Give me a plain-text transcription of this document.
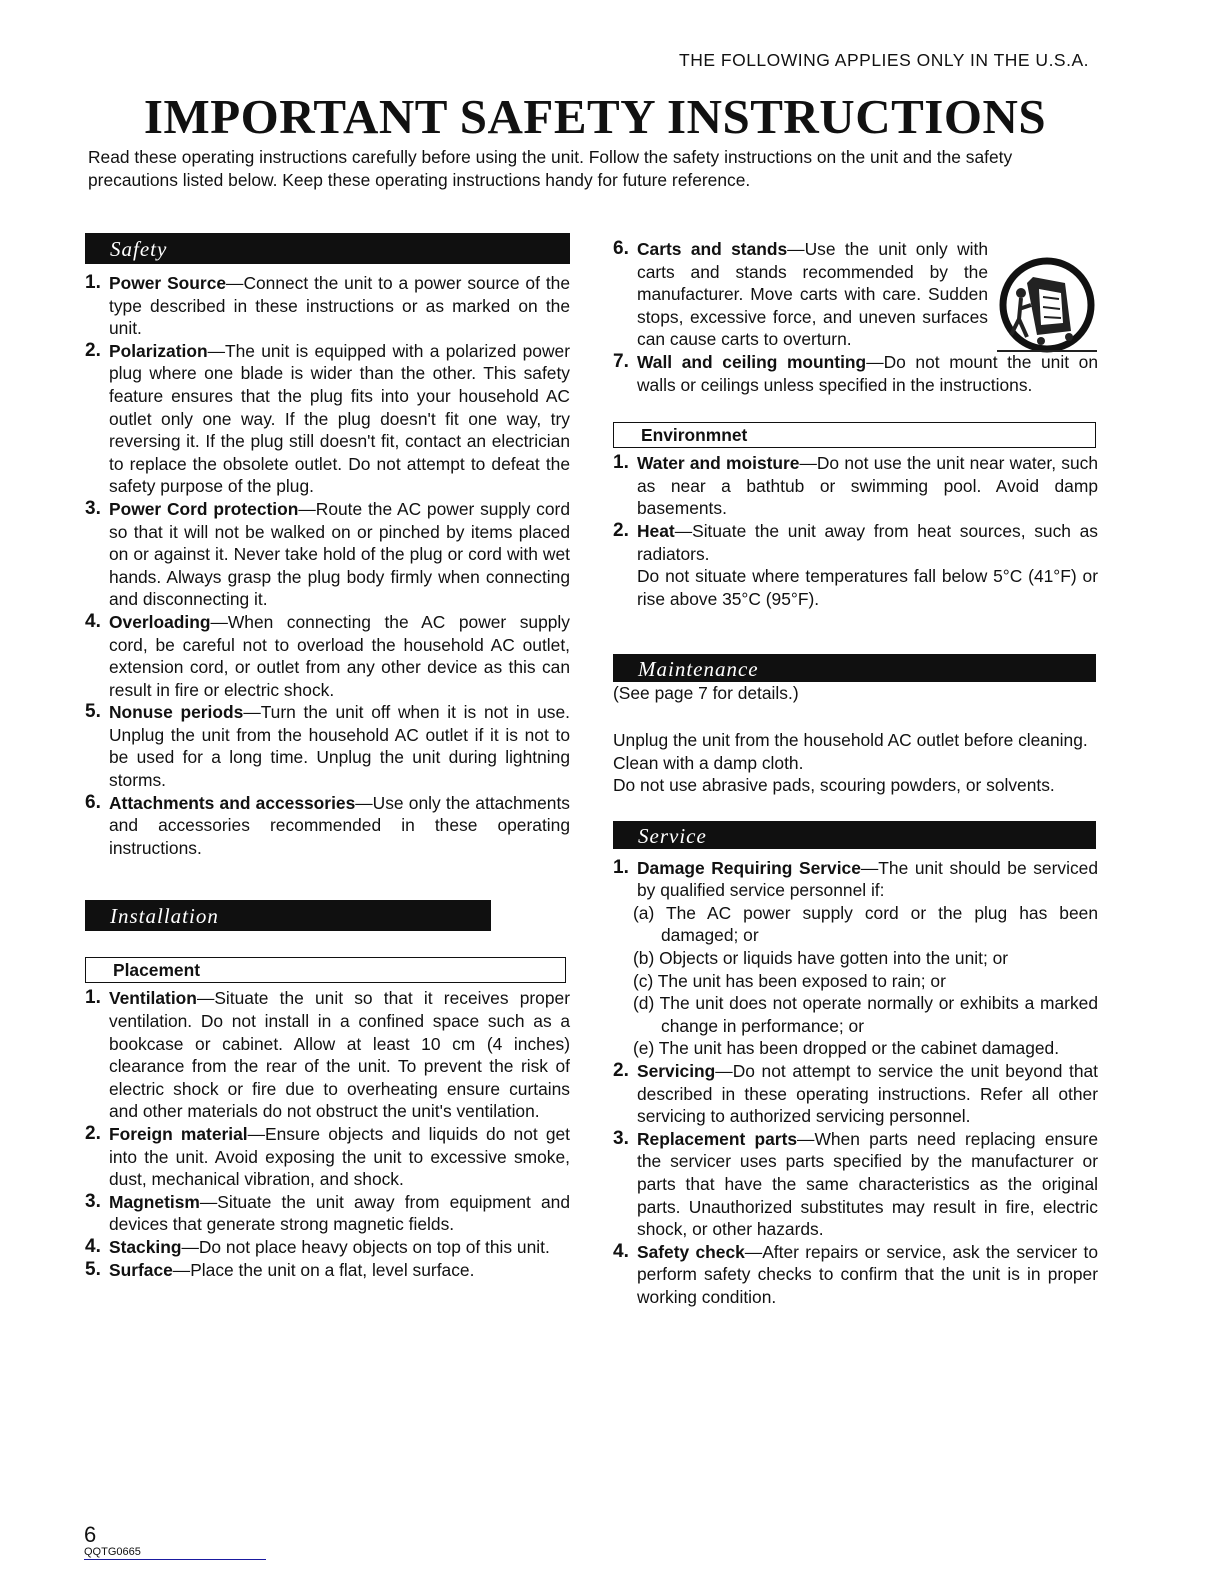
THE FOLLOWING APPLIES ONLY IN THE U.S.A.
IMPORTANT SAFETY INSTRUCTIONS
Read these operating instructions carefully before using the unit. Follow the safety instructions on the unit and the safety precautions listed below. Keep these operating instructions handy for future reference.
Safety
1. Power Source—Connect the unit to a power source of the type described in these instructions or as marked on the unit.
2. Polarization—The unit is equipped with a polarized power plug where one blade is wider than the other. This safety feature ensures that the plug fits into your household AC outlet only one way. If the plug doesn't fit one way, try reversing it. If the plug still doesn't fit, contact an electrician to replace the obsolete outlet. Do not attempt to defeat the safety purpose of the plug.
3. Power Cord protection—Route the AC power supply cord so that it will not be walked on or pinched by items placed on or against it. Never take hold of the plug or cord with wet hands. Always grasp the plug body firmly when connecting and disconnecting it.
4. Overloading—When connecting the AC power supply cord, be careful not to overload the household AC outlet, extension cord, or outlet from any other device as this can result in fire or electric shock.
5. Nonuse periods—Turn the unit off when it is not in use. Unplug the unit from the household AC outlet if it is not to be used for a long time. Unplug the unit during lightning storms.
6. Attachments and accessories—Use only the attachments and accessories recommended in these operating instructions.
Installation
Placement
1. Ventilation—Situate the unit so that it receives proper ventilation. Do not install in a confined space such as a bookcase or cabinet. Allow at least 10 cm (4 inches) clearance from the rear of the unit. To prevent the risk of electric shock or fire due to overheating ensure curtains and other materials do not obstruct the unit's ventilation.
2. Foreign material—Ensure objects and liquids do not get into the unit. Avoid exposing the unit to excessive smoke, dust, mechanical vibration, and shock.
3. Magnetism—Situate the unit away from equipment and devices that generate strong magnetic fields.
4. Stacking—Do not place heavy objects on top of this unit.
5. Surface—Place the unit on a flat, level surface.
6. Carts and stands—Use the unit only with carts and stands recommended by the manufacturer. Move carts with care. Sudden stops, excessive force, and uneven surfaces can cause carts to overturn.
7. Wall and ceiling mounting—Do not mount the unit on walls or ceilings unless specified in the instructions.
Environmnet
1. Water and moisture—Do not use the unit near water, such as near a bathtub or swimming pool. Avoid damp basements.
2. Heat—Situate the unit away from heat sources, such as radiators.
Do not situate where temperatures fall below 5°C (41°F) or rise above 35°C (95°F).
Maintenance
(See page 7 for details.)
Unplug the unit from the household AC outlet before cleaning.
Clean with a damp cloth.
Do not use abrasive pads, scouring powders, or solvents.
Service
1. Damage Requiring Service—The unit should be serviced by qualified service personnel if:
(a) The AC power supply cord or the plug has been damaged; or
(b) Objects or liquids have gotten into the unit; or
(c) The unit has been exposed to rain; or
(d) The unit does not operate normally or exhibits a marked change in performance; or
(e) The unit has been dropped or the cabinet damaged.
2. Servicing—Do not attempt to service the unit beyond that described in these operating instructions. Refer all other servicing to authorized servicing personnel.
3. Replacement parts—When parts need replacing ensure the servicer uses parts specified by the manufacturer or parts that have the same characteristics as the original parts. Unauthorized substitutes may result in fire, electric shock, or other hazards.
4. Safety check—After repairs or service, ask the servicer to perform safety checks to confirm that the unit is in proper working condition.
6
QQTG0665
